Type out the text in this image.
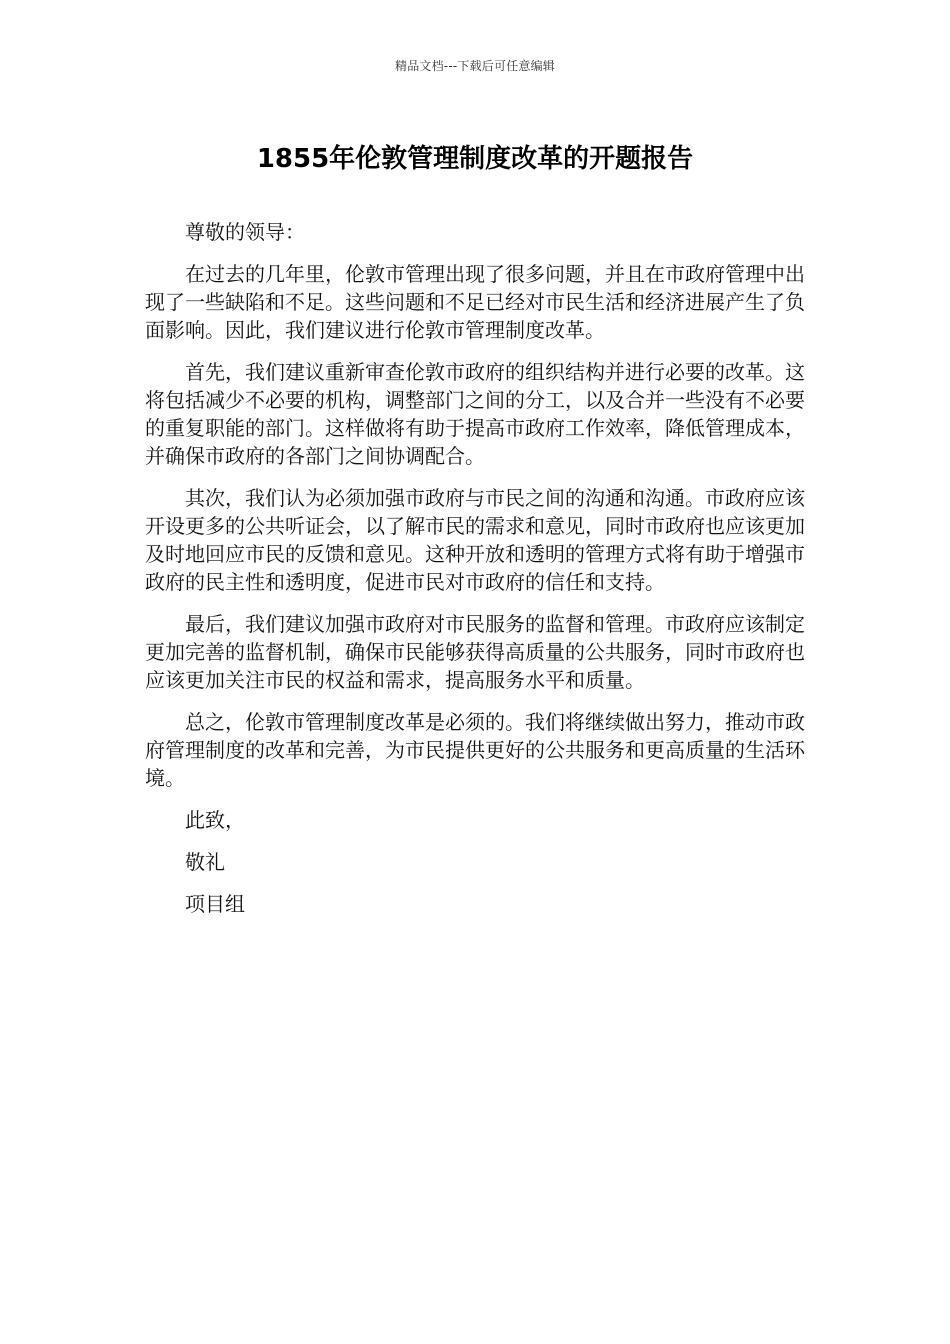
精品文档---下载后可任意编辑
1855年伦敦管理制度改革的开题报告

尊敬的领导：

在过去的几年里，伦敦市管理出现了很多问题，并且在市政府管理中出现了一些缺陷和不足。这些问题和不足已经对市民生活和经济进展产生了负面影响。因此，我们建议进行伦敦市管理制度改革。

首先，我们建议重新审查伦敦市政府的组织结构并进行必要的改革。这将包括减少不必要的机构，调整部门之间的分工，以及合并一些没有不必要的重复职能的部门。这样做将有助于提高市政府工作效率，降低管理成本，并确保市政府的各部门之间协调配合。

其次，我们认为必须加强市政府与市民之间的沟通和沟通。市政府应该开设更多的公共听证会，以了解市民的需求和意见，同时市政府也应该更加及时地回应市民的反馈和意见。这种开放和透明的管理方式将有助于增强市政府的民主性和透明度，促进市民对市政府的信任和支持。

最后，我们建议加强市政府对市民服务的监督和管理。市政府应该制定更加完善的监督机制，确保市民能够获得高质量的公共服务，同时市政府也应该更加关注市民的权益和需求，提高服务水平和质量。

总之，伦敦市管理制度改革是必须的。我们将继续做出努力，推动市政府管理制度的改革和完善，为市民提供更好的公共服务和更高质量的生活环境。

此致，

敬礼

项目组
